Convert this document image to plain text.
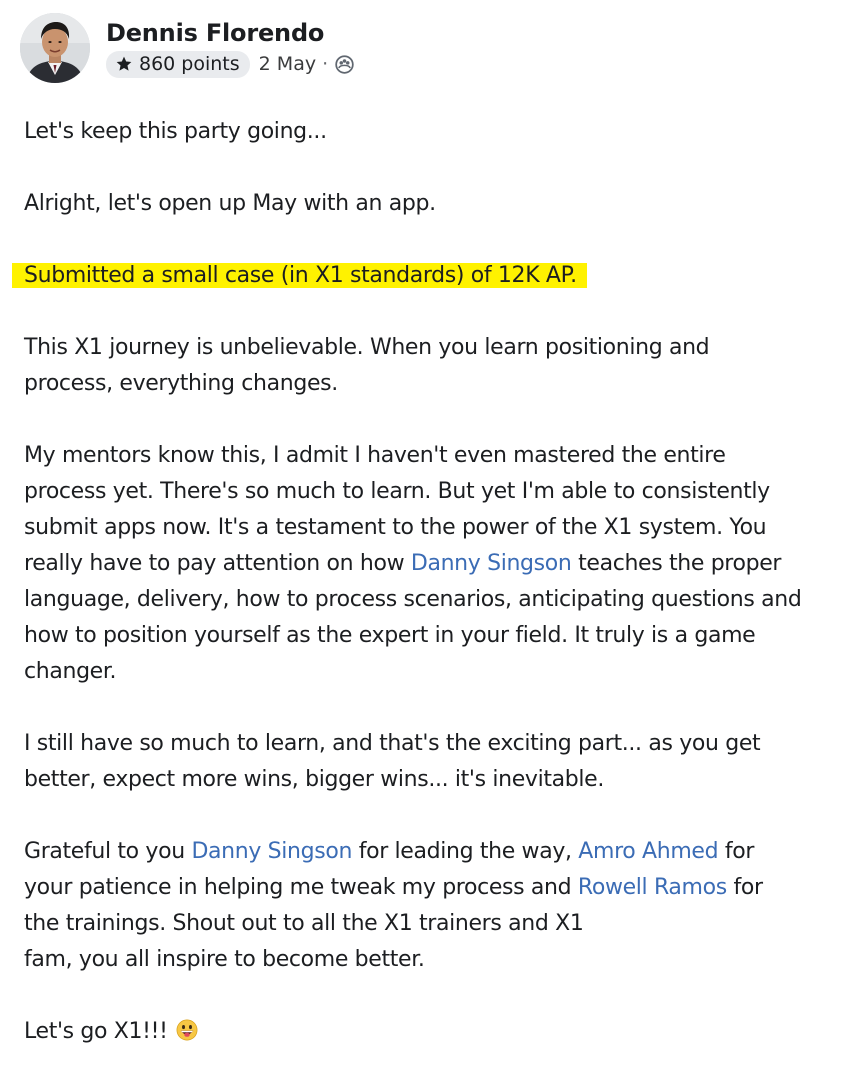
Dennis Florendo
860 points 2 May ·

Let's keep this party going...

Alright, let's open up May with an app.

Submitted a small case (in X1 standards) of 12K AP.

This X1 journey is unbelievable. When you learn positioning and
process, everything changes.

My mentors know this, I admit I haven't even mastered the entire
process yet. There's so much to learn. But yet I'm able to consistently
submit apps now. It's a testament to the power of the X1 system. You
really have to pay attention on how Danny Singson teaches the proper
language, delivery, how to process scenarios, anticipating questions and
how to position yourself as the expert in your field. It truly is a game
changer.

I still have so much to learn, and that's the exciting part... as you get
better, expect more wins, bigger wins... it's inevitable.

Grateful to you Danny Singson for leading the way, Amro Ahmed for
your patience in helping me tweak my process and Rowell Ramos for
the trainings. Shout out to all the X1 trainers and X1
fam, you all inspire to become better.

Let's go X1!!!
